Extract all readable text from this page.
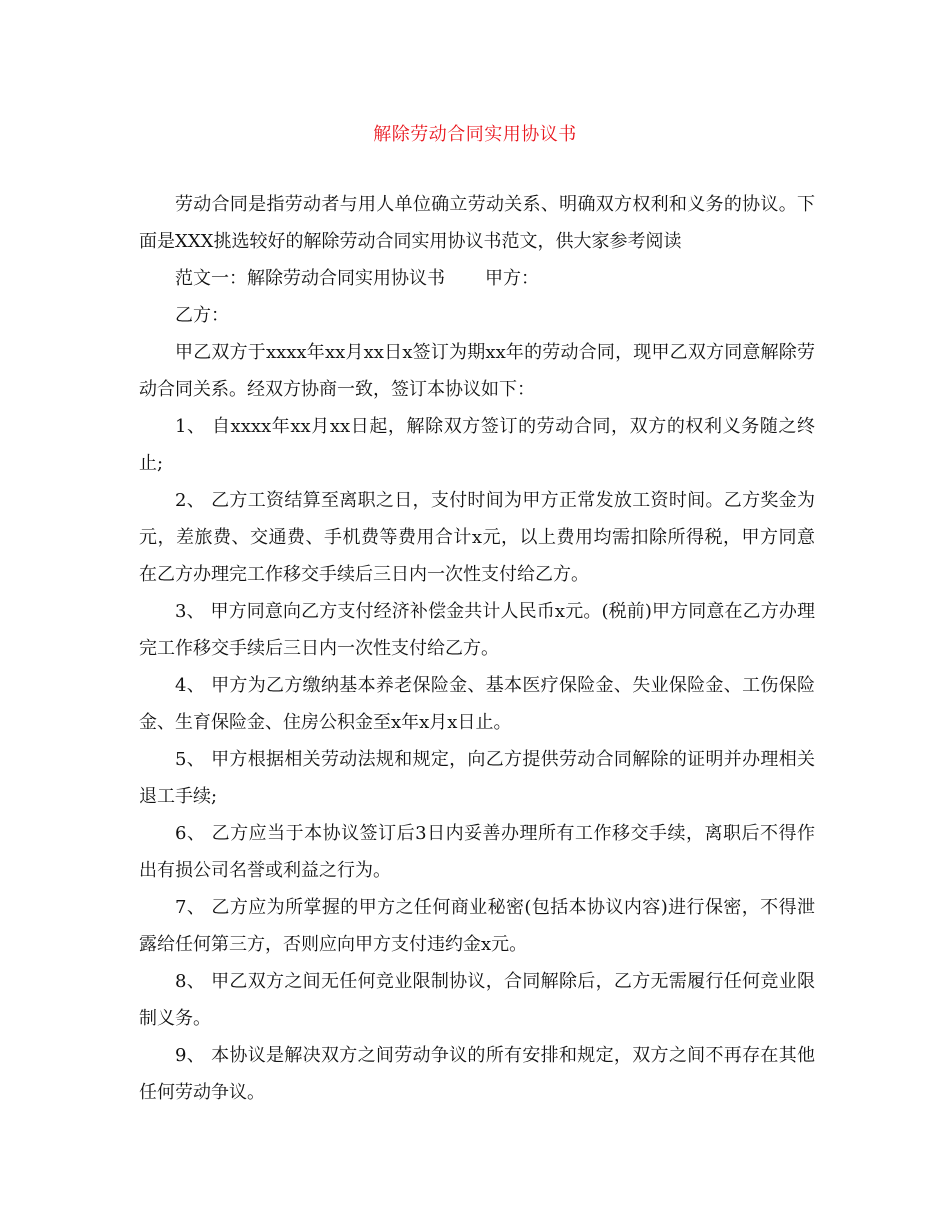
解除劳动合同实用协议书

劳动合同是指劳动者与用人单位确立劳动关系、明确双方权利和义务的协议。下面是XXX挑选较好的解除劳动合同实用协议书范文，供大家参考阅读

范文一：解除劳动合同实用协议书 甲方：

乙方：

甲乙双方于xxxx年xx月xx日x签订为期xx年的劳动合同，现甲乙双方同意解除劳动合同关系。经双方协商一致，签订本协议如下：

1、 自xxxx年xx月xx日起，解除双方签订的劳动合同，双方的权利义务随之终止;

2、 乙方工资结算至离职之日，支付时间为甲方正常发放工资时间。乙方奖金为元，差旅费、交通费、手机费等费用合计x元，以上费用均需扣除所得税，甲方同意在乙方办理完工作移交手续后三日内一次性支付给乙方。

3、 甲方同意向乙方支付经济补偿金共计人民币x元。(税前)甲方同意在乙方办理完工作移交手续后三日内一次性支付给乙方。

4、 甲方为乙方缴纳基本养老保险金、基本医疗保险金、失业保险金、工伤保险金、生育保险金、住房公积金至x年x月x日止。

5、 甲方根据相关劳动法规和规定，向乙方提供劳动合同解除的证明并办理相关退工手续;

6、 乙方应当于本协议签订后3日内妥善办理所有工作移交手续，离职后不得作出有损公司名誉或利益之行为。

7、 乙方应为所掌握的甲方之任何商业秘密(包括本协议内容)进行保密，不得泄露给任何第三方，否则应向甲方支付违约金x元。

8、 甲乙双方之间无任何竞业限制协议，合同解除后，乙方无需履行任何竞业限制义务。

9、 本协议是解决双方之间劳动争议的所有安排和规定，双方之间不再存在其他任何劳动争议。
